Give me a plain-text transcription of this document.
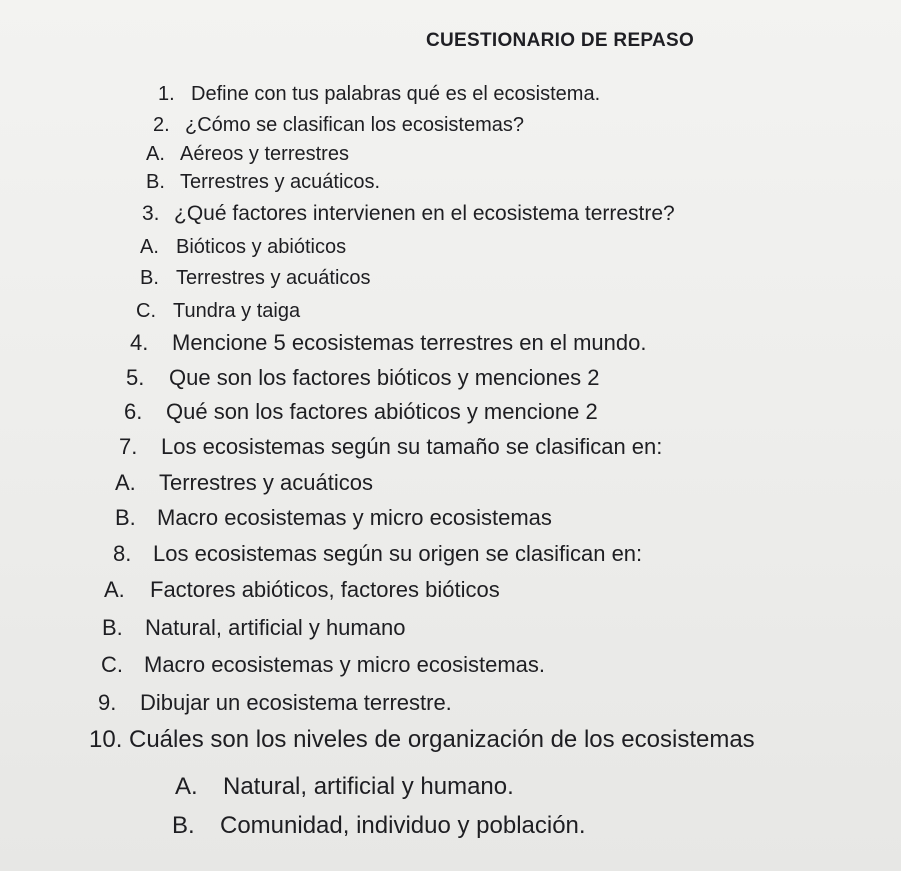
CUESTIONARIO DE REPASO
1. Define con tus palabras qué es el ecosistema.
2. ¿Cómo se clasifican los ecosistemas?
A. Aéreos y terrestres
B. Terrestres y acuáticos.
3. ¿Qué factores intervienen en el ecosistema terrestre?
A. Bióticos y abióticos
B. Terrestres y acuáticos
C. Tundra y taiga
4. Mencione 5 ecosistemas terrestres en el mundo.
5. Que son los factores bióticos y menciones 2
6. Qué son los factores abióticos y mencione 2
7. Los ecosistemas según su tamaño se clasifican en:
A. Terrestres y acuáticos
B. Macro ecosistemas y micro ecosistemas
8. Los ecosistemas según su origen se clasifican en:
A. Factores abióticos, factores bióticos
B. Natural, artificial y humano
C. Macro ecosistemas y micro ecosistemas.
9. Dibujar un ecosistema terrestre.
10. Cuáles son los niveles de organización de los ecosistemas
A. Natural, artificial y humano.
B. Comunidad, individuo y población.
